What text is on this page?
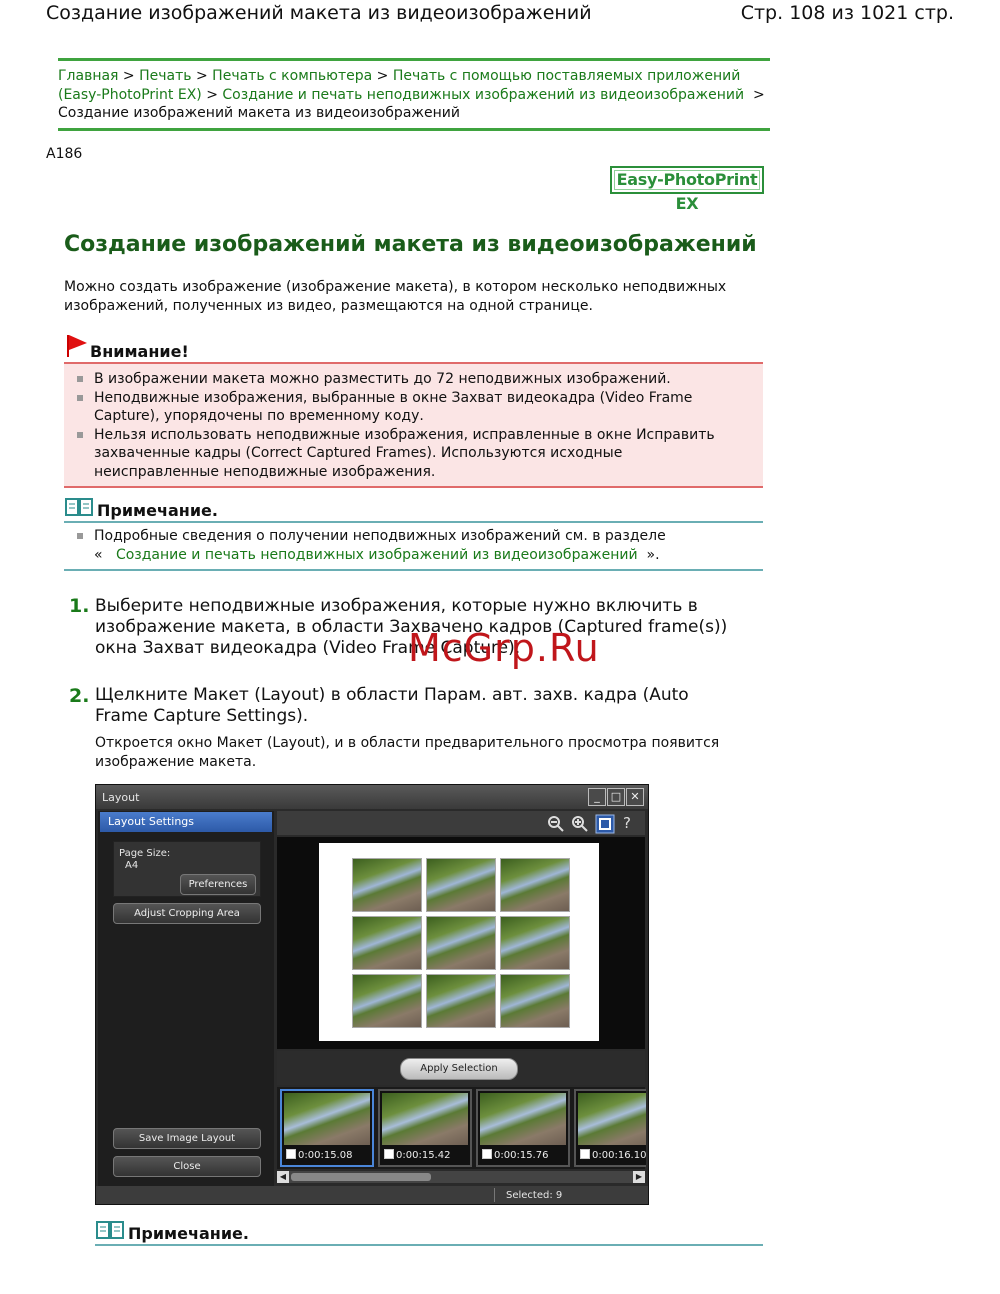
Создание изображений макета из видеоизображений	Стр. 108 из 1021 стр.
Главная > Печать > Печать с компьютера > Печать с помощью поставляемых приложений (Easy-PhotoPrint EX) > Создание и печать неподвижных изображений из видеоизображений  > Создание изображений макета из видеоизображений
A186
Easy-PhotoPrint EX
Создание изображений макета из видеоизображений
Можно создать изображение (изображение макета), в котором несколько неподвижных изображений, полученных из видео, размещаются на одной странице.
Внимание!
В изображении макета можно разместить до 72 неподвижных изображений.
Неподвижные изображения, выбранные в окне Захват видеокадра (Video Frame Capture), упорядочены по временному коду.
Нельзя использовать неподвижные изображения, исправленные в окне Исправить захваченные кадры (Correct Captured Frames). Используются исходные неисправленные неподвижные изображения.
Примечание.
Подробные сведения о получении неподвижных изображений см. в разделе « Создание и печать неподвижных изображений из видеоизображений ».
1. Выберите неподвижные изображения, которые нужно включить в изображение макета, в области Захвачено кадров (Captured frame(s)) окна Захват видеокадра (Video Frame Capture).
McGrp.Ru
2. Щелкните Макет (Layout) в области Парам. авт. захв. кадра (Auto Frame Capture Settings).
Откроется окно Макет (Layout), и в области предварительного просмотра появится изображение макета.
Layout	_	□ ✕
Layout Settings
Page Size:
A4
Preferences
Adjust Cropping Area
Save Image Layout
Close
?
Apply Selection
0:00:15.08	0:00:15.42	0:00:15.76	0:00:16.10
◀	▶
Selected: 9
Примечание.
